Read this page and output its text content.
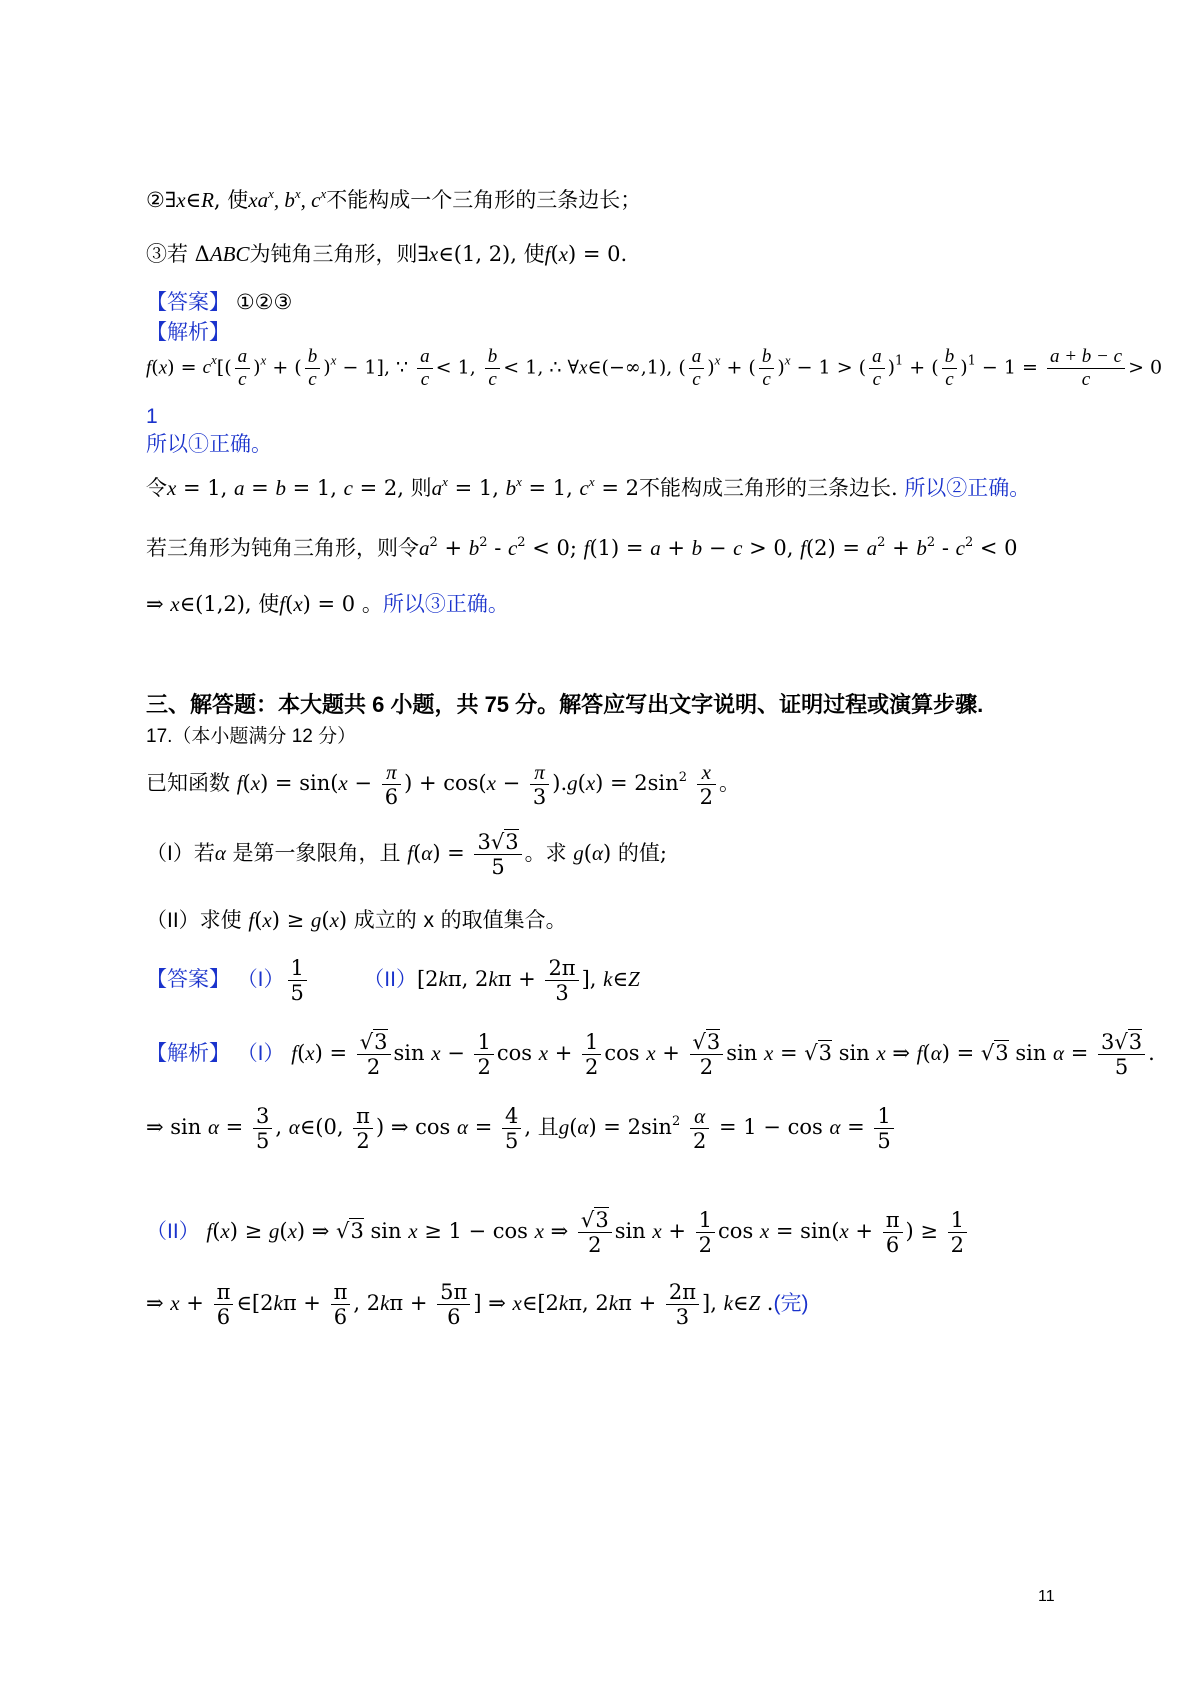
②∃x∈R, 使$xa^x$, $b^x$, $c^x$不能构成一个三角形的三条边长；
③若 ΔABC为钝角三角形，则∃x∈(1, 2), 使f(x) = 0.
【答案】 ①②③
【解析】
$f(x) = c^x[( \frac{a}{c} )^x$ + ( $\frac{b}{c} )^x - 1$], ∵ $\frac{a}{c} < 1$, $\frac{b}{c} < 1$, ∴ ∀x∈(−∞,1), ( $\frac{a}{c} )^x$ + ( $\frac{b}{c} )^x - 1$ > ( $\frac{a}{c} )^1$ + ( $\frac{b}{c} )^1 - 1 = \frac{a + b - c}{c} > 0$
1
所以①正确。
令x = 1, a = b = 1, c = 2, 则$a^x = 1$, $b^x = 1$, $c^x = 2$不能构成三角形的三条边长. 所以②正确。
若三角形为钝角三角形，则令$a^2 + b^2 - c^2 < 0$; f(1) = a + b − c > 0, $f(2) = a^2 + b^2 - c^2 < 0$
⇒ x∈(1,2), 使f(x) = 0 。所以③正确。
三、解答题：本大题共 6 小题，共 75 分。解答应写出文字说明、证明过程或演算步骤.
17.（本小题满分 12 分）
已知函数 $f(x) = \sin(x - \frac{\pi}{6}$ ) + $\cos(x - \frac{\pi}{3} ).g(x) = 2\sin^2 \frac{x}{2}$ 。
（I）若α 是第一象限角，且 $f(\alpha) = \frac{3√3}{5}$ 。求 g(α) 的值;
（II）求使 f(x) ≥ g(x) 成立的 x 的取值集合。
【答案】 $(I) \frac{1}{5}$	（II）[2kπ, $2k\pi + \frac{2\pi}{3}$ ], k∈Z
【解析】 （I） $f(x) = \frac{√3}{2}$ $\sin x - \frac{1}{2}$ $\cos x + \frac{1}{2}$ $\cos x + \frac{√3}{2}$ sin x = √3 sin x ⇒ f(α) = √3 $\sin \alpha = \frac{3√3}{5}$ .
⇒ $\sin \alpha = \frac{3}{5}$ , α∈(0, $\frac{\pi}{2}$ ) ⇒ $\cos \alpha = \frac{4}{5}$ , 且$g(\alpha) = 2\sin^2 \frac{\alpha}{2} = 1 - \cos \alpha = \frac{1}{5}$
（II） f(x) ≥ g(x) ⇒ √3 sin x ≥ 1 − cos x ⇒ $\frac{√3}{2}$ $\sin x + \frac{1}{2}$ $\cos x = \sin(x + \frac{\pi}{6}$ ) ≥ $\frac{1}{2}$
⇒ $x + \frac{\pi}{6}$ ∈[2kπ + $\frac{\pi}{6}$ , $2k\pi + \frac{5\pi}{6}$ ] ⇒ x∈[2kπ, $2k\pi + \frac{2\pi}{3}$ ], k∈Z .(完)
11
